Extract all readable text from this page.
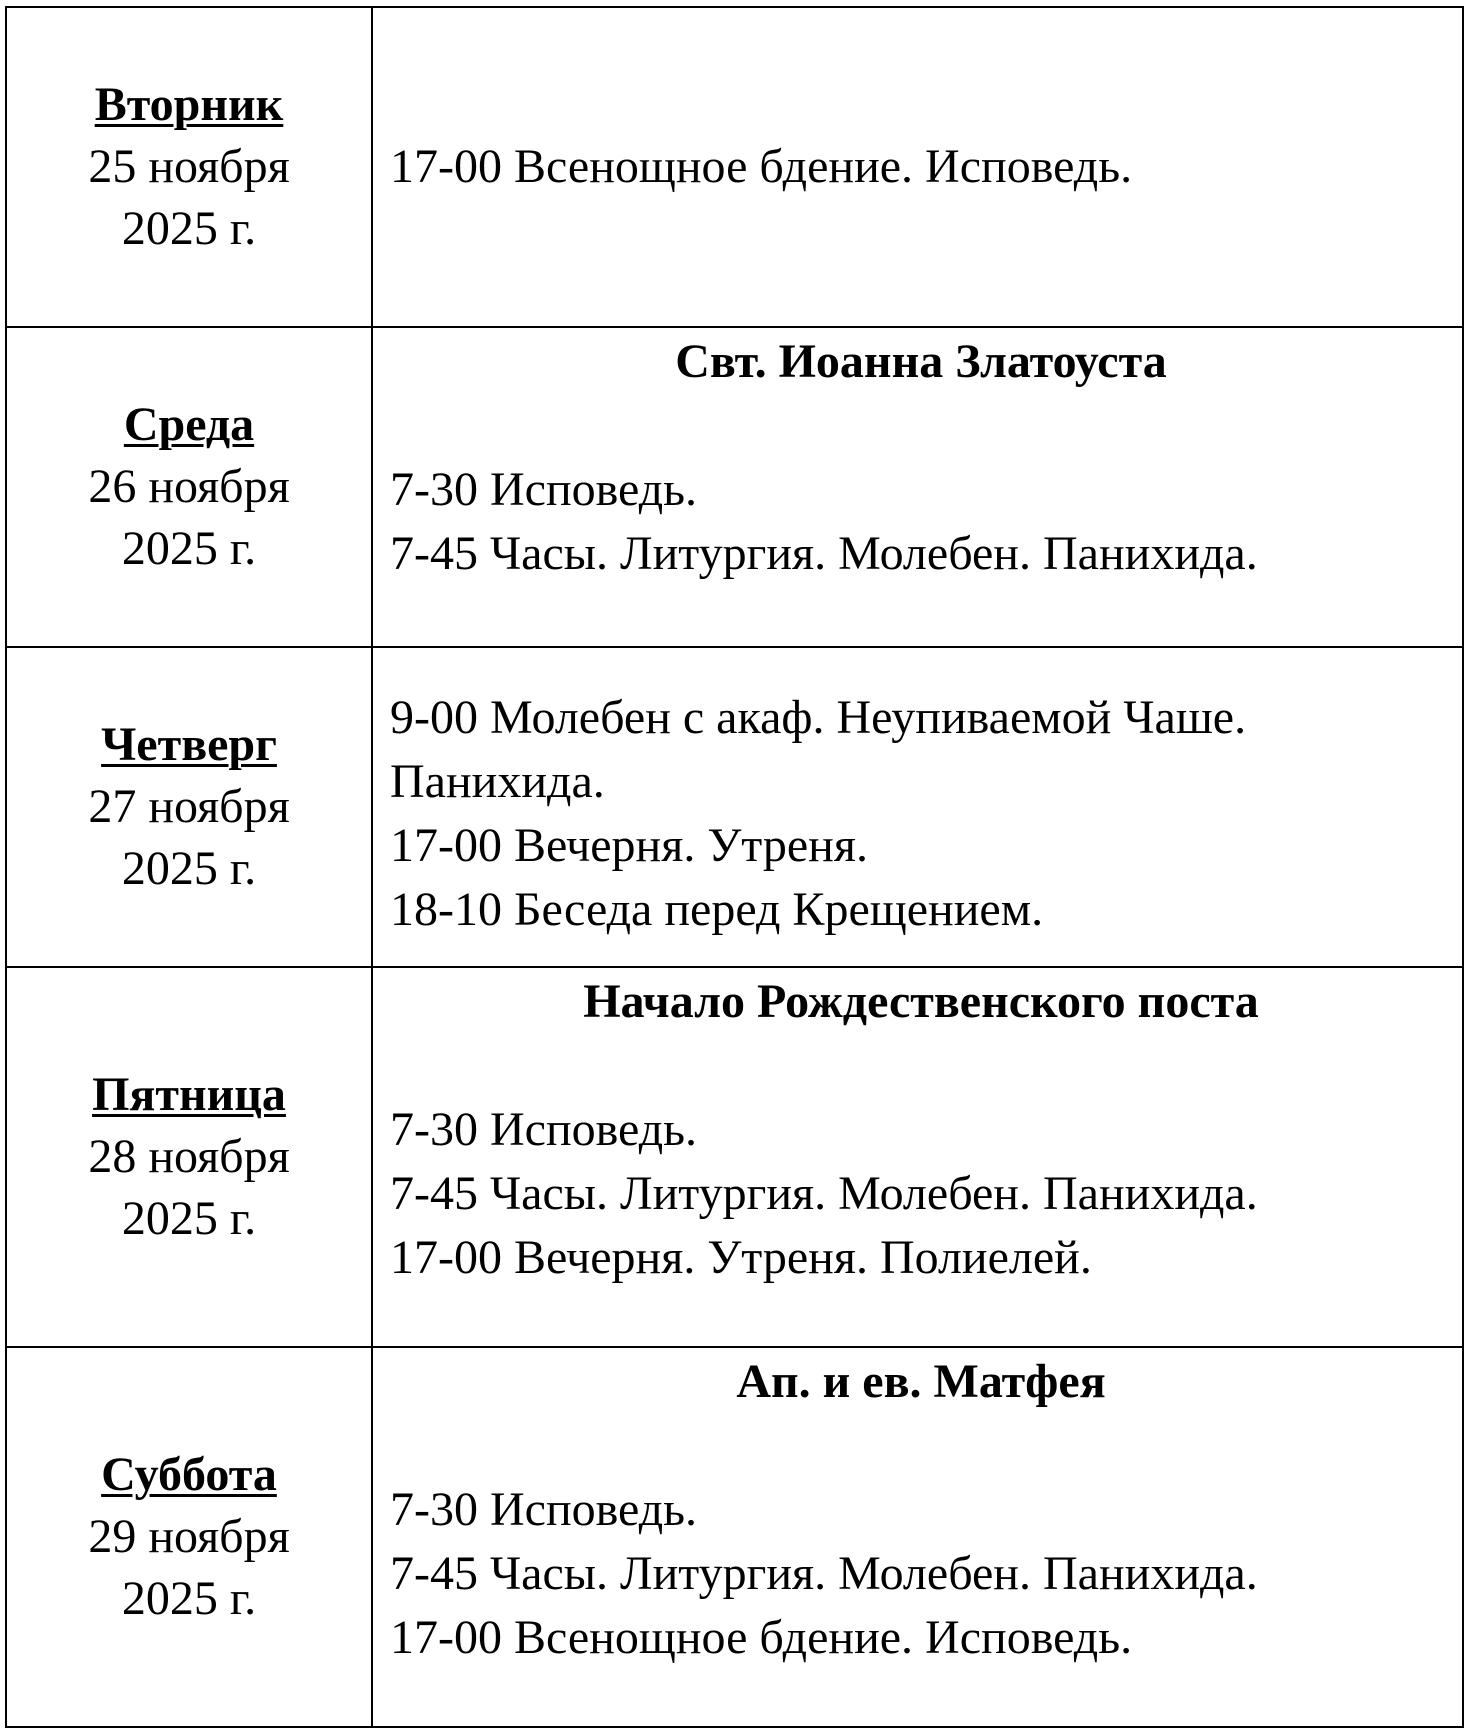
Вторник
25 ноября
2025 г.	17-00 Всенощное бдение. Исповедь.

Среда
26 ноября
2025 г.	Свт. Иоанна Златоуста
7-30 Исповедь.
7-45 Часы. Литургия. Молебен. Панихида.

Четверг
27 ноября
2025 г.	9-00 Молебен с акаф. Неупиваемой Чаше.
Панихида.
17-00 Вечерня. Утреня.
18-10 Беседа перед Крещением.

Пятница
28 ноября
2025 г.	Начало Рождественского поста
7-30 Исповедь.
7-45 Часы. Литургия. Молебен. Панихида.
17-00 Вечерня. Утреня. Полиелей.

Суббота
29 ноября
2025 г.	Ап. и ев. Матфея
7-30 Исповедь.
7-45 Часы. Литургия. Молебен. Панихида.
17-00 Всенощное бдение. Исповедь.
